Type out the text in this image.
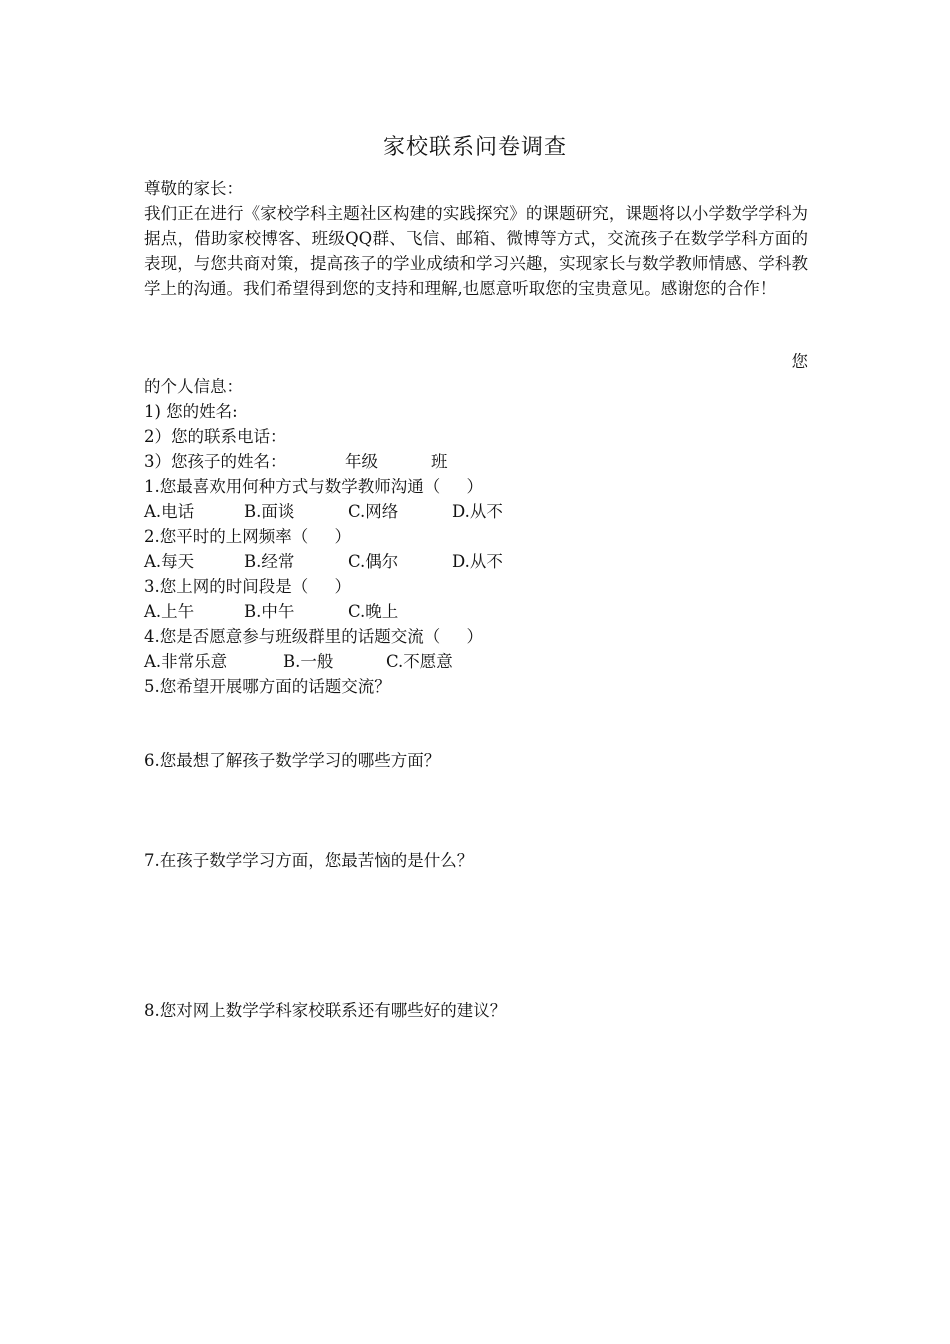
家校联系问卷调查
尊敬的家长：
我们正在进行《家校学科主题社区构建的实践探究》的课题研究，课题将以小学数学学科为据点，借助家校博客、班级QQ群、飞信、邮箱、微博等方式，交流孩子在数学学科方面的表现，与您共商对策，提高孩子的学业成绩和学习兴趣，实现家长与数学教师情感、学科教学上的沟通。我们希望得到您的支持和理解,也愿意听取您的宝贵意见。感谢您的合作！
您
的个人信息：
1) 您的姓名:
2）您的联系电话：
3）您孩子的姓名：	年级	班
1.您最喜欢用何种方式与数学教师沟通（     ）
A.电话	B.面谈	C.网络	D.从不
2.您平时的上网频率（     ）
A.每天	B.经常	C.偶尔	D.从不
3.您上网的时间段是（     ）
A.上午	B.中午	C.晚上
4.您是否愿意参与班级群里的话题交流（     ）
A.非常乐意	B.一般	C.不愿意
5.您希望开展哪方面的话题交流？
6.您最想了解孩子数学学习的哪些方面？
7.在孩子数学学习方面，您最苦恼的是什么？
8.您对网上数学学科家校联系还有哪些好的建议？
